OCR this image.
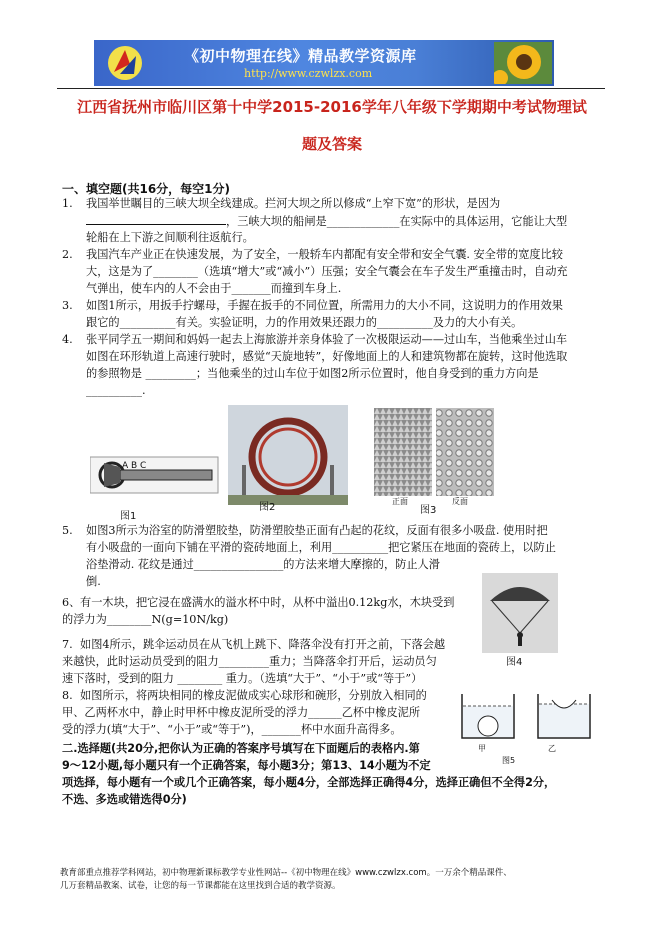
《初中物理在线》精品教学资源库
http://www.czwlzx.com
江西省抚州市临川区第十中学2015-2016学年八年级下学期期中考试物理试
题及答案
一、填空题(共16分，每空1分)
1. 我国举世瞩目的三峡大坝全线建成。拦河大坝之所以修成“上窄下宽”的形状，是因为
，三峡大坝的船闸是_____________在实际中的具体运用，它能让大型
轮船在上下游之间顺利往返航行。
2. 我国汽车产业正在快速发展，为了安全，一般轿车内都配有安全带和安全气囊. 安全带的宽度比较
大，这是为了________（选填“增大”或“减小”）压强；安全气囊会在车子发生严重撞击时，自动充
气弹出，使车内的人不会由于_______而撞到车身上.
3. 如图1所示，用扳手拧螺母，手握在扳手的不同位置，所需用力的大小不同，这说明力的作用效果
跟它的__________有关。实验证明，力的作用效果还跟力的__________及力的大小有关。
4. 张平同学五一期间和妈妈一起去上海旅游并亲身体验了一次极限运动——过山车，当他乘坐过山车
如图在环形轨道上高速行驶时，感觉“天旋地转”，好像地面上的人和建筑物都在旋转，这时他选取
的参照物是 _________；当他乘坐的过山车位于如图2所示位置时，他自身受到的重力方向是
__________.
A B C
图1
图2
正面	反面
图3
5. 如图3所示为浴室的防滑塑胶垫，防滑塑胶垫正面有凸起的花纹，反面有很多小吸盘. 使用时把
有小吸盘的一面向下铺在平滑的瓷砖地面上，利用__________把它紧压在地面的瓷砖上，以防止
浴垫滑动. 花纹是通过________________的方法来增大摩擦的，防止人滑
倒.
6、 有一木块，把它浸在盛满水的溢水杯中时，从杯中溢出0.12kg水，木块受到
的浮力为________N(g=10N/kg)
图4
7. 如图4所示，跳伞运动员在从飞机上跳下、降落伞没有打开之前，下落会越
来越快，此时运动员受到的阻力_________重力；当降落伞打开后，运动员匀
速下落时，受到的阻力 ________ 重力。（选填“大于”、“小于”或“等于”）
8. 如图所示，将两块相同的橡皮泥做成实心球形和碗形，分别放入相同的
甲、乙两杯水中，静止时甲杯中橡皮泥所受的浮力______乙杯中橡皮泥所
受的浮力(填“大于”、“小于”或“等于”)，_______杯中水面升高得多。
甲	乙
图5
二.选择题(共20分,把你认为正确的答案序号填写在下面题后的表格内.第
9～12小题,每小题只有一个正确答案，每小题3分；第13、14小题为不定
项选择，每小题有一个或几个正确答案，每小题4分，全部选择正确得4分，选择正确但不全得2分，
不选、多选或错选得0分)
教育部重点推荐学科网站，初中物理新课标教学专业性网站--《初中物理在线》www.czwlzx.com。一万余个精品课件、
几万套精品教案、试卷，让您的每一节课都能在这里找到合适的教学资源。
